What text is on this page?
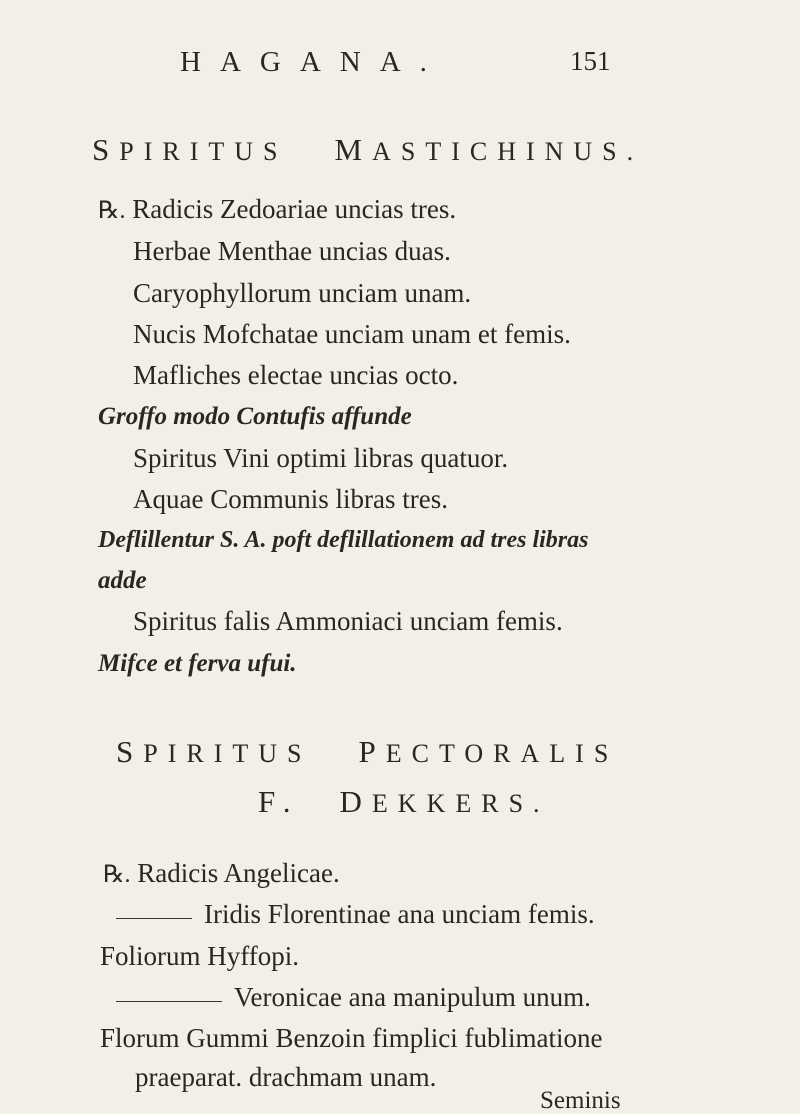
HAGANA.	151
SPIRITUS MASTICHINUS.
℞. Radicis Zedoariae uncias tres.
Herbae Menthae uncias duas.
Caryophyllorum unciam unam.
Nucis Mofchatae unciam unam et femis.
Mafliches electae uncias octo.
Groffo modo Contufis affunde
Spiritus Vini optimi libras quatuor.
Aquae Communis libras tres.
Deflillentur S. A. poft deflillationem ad tres libras
adde
Spiritus falis Ammoniaci unciam femis.
Mifce et ferva ufui.
SPIRITUS PECTORALIS
F. DEKKERS.
℞. Radicis Angelicae.
Iridis Florentinae ana unciam femis.
Foliorum Hyffopi.
Veronicae ana manipulum unum.
Florum Gummi Benzoin fimplici fublimatione
praeparat. drachmam unam.
Seminis
